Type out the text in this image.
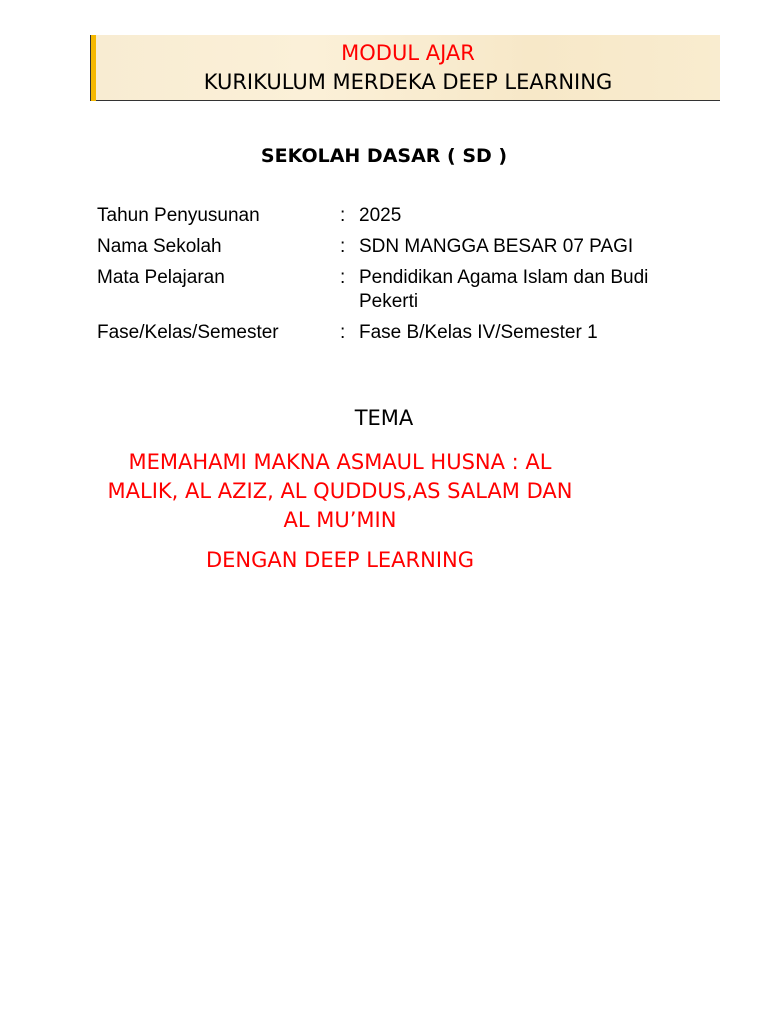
MODUL AJAR
KURIKULUM MERDEKA DEEP LEARNING
SEKOLAH DASAR ( SD )
Tahun Penyusunan	: 2025
Nama Sekolah	: SDN MANGGA BESAR 07 PAGI
Mata Pelajaran	: Pendidikan Agama Islam dan Budi Pekerti
Fase/Kelas/Semester	: Fase B/Kelas IV/Semester 1
TEMA
MEMAHAMI MAKNA ASMAUL HUSNA : AL MALIK, AL AZIZ, AL QUDDUS,AS SALAM DAN AL MU’MIN
DENGAN DEEP LEARNING
